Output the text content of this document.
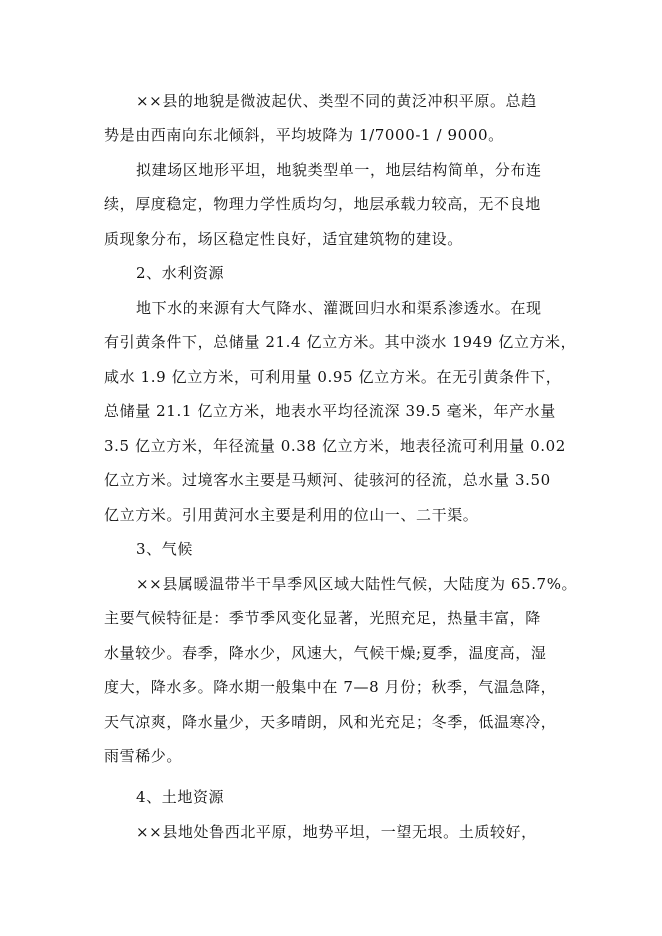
××县的地貌是微波起伏、类型不同的黄泛冲积平原。总趋
势是由西南向东北倾斜，平均坡降为 1/7000-1 / 9000。
拟建场区地形平坦，地貌类型单一，地层结构简单，分布连
续，厚度稳定，物理力学性质均匀，地层承载力较高，无不良地
质现象分布，场区稳定性良好，适宜建筑物的建设。
2、水利资源
地下水的来源有大气降水、灌溉回归水和渠系渗透水。在现
有引黄条件下，总储量 21.4 亿立方米。其中淡水 1949 亿立方米，
咸水 1.9 亿立方米，可利用量 0.95 亿立方米。在无引黄条件下，
总储量 21.1 亿立方米，地表水平均径流深 39.5 毫米，年产水量
3.5 亿立方米，年径流量 0.38 亿立方米，地表径流可利用量 0.02
亿立方米。过境客水主要是马颊河、徒骇河的径流，总水量 3.50
亿立方米。引用黄河水主要是利用的位山一、二干渠。
3、气候
××县属暖温带半干旱季风区域大陆性气候，大陆度为 65.7%。
主要气候特征是：季节季风变化显著，光照充足，热量丰富，降
水量较少。春季，降水少，风速大，气候干燥;夏季，温度高，湿
度大，降水多。降水期一般集中在 7—8 月份；秋季，气温急降，
天气凉爽，降水量少，天多晴朗，风和光充足；冬季，低温寒冷，
雨雪稀少。
4、土地资源
××县地处鲁西北平原，地势平坦，一望无垠。土质较好，
